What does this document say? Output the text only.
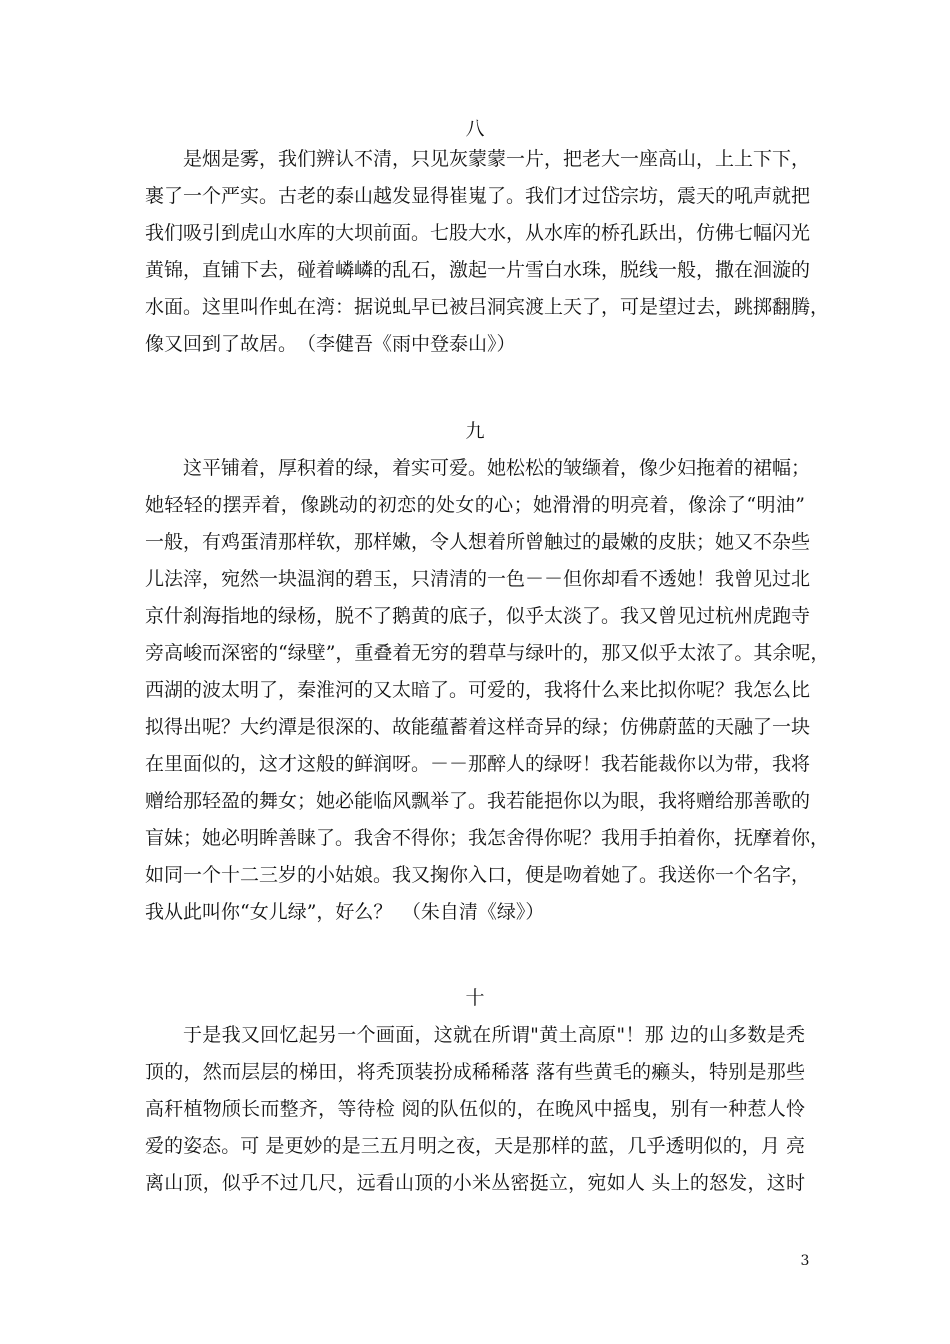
八

是烟是雾，我们辨认不清，只见灰蒙蒙一片，把老大一座高山，上上下下，

裹了一个严实。古老的泰山越发显得崔嵬了。我们才过岱宗坊，震天的吼声就把

我们吸引到虎山水库的大坝前面。七股大水，从水库的桥孔跃出，仿佛七幅闪光

黄锦，直铺下去，碰着嶙嶙的乱石，激起一片雪白水珠，脱线一般，撒在洄漩的

水面。这里叫作虬在湾：据说虬早已被吕洞宾渡上天了，可是望过去，跳掷翻腾，

像又回到了故居。　（李健吾《雨中登泰山》）

九

这平铺着，厚积着的绿，着实可爱。她松松的皱缬着，像少妇拖着的裙幅；

她轻轻的摆弄着，像跳动的初恋的处女的心；她滑滑的明亮着，像涂了“明油”

一般，有鸡蛋清那样软，那样嫩，令人想着所曾触过的最嫩的皮肤；她又不杂些

儿法滓，宛然一块温润的碧玉，只清清的一色－－但你却看不透她！我曾见过北

京什刹海指地的绿杨，脱不了鹅黄的底子，似乎太淡了。我又曾见过杭州虎跑寺

旁高峻而深密的“绿壁”，重叠着无穷的碧草与绿叶的，那又似乎太浓了。其余呢，

西湖的波太明了，秦淮河的又太暗了。可爱的，我将什么来比拟你呢？我怎么比

拟得出呢？大约潭是很深的、故能蕴蓄着这样奇异的绿；仿佛蔚蓝的天融了一块

在里面似的，这才这般的鲜润呀。－－那醉人的绿呀！我若能裁你以为带，我将

赠给那轻盈的舞女；她必能临风飘举了。我若能挹你以为眼，我将赠给那善歌的

盲妹；她必明眸善睐了。我舍不得你；我怎舍得你呢？我用手拍着你，抚摩着你，

如同一个十二三岁的小姑娘。我又掬你入口，便是吻着她了。我送你一个名字，

我从此叫你“女儿绿”，好么？　（朱自清《绿》）

十

于是我又回忆起另一个画面，这就在所谓"黄土高原"！那 边的山多数是秃

顶的，然而层层的梯田，将秃顶装扮成稀稀落 落有些黄毛的癞头，特别是那些

高秆植物颀长而整齐，等待检 阅的队伍似的，在晚风中摇曳，别有一种惹人怜

爱的姿态。可 是更妙的是三五月明之夜，天是那样的蓝，几乎透明似的，月 亮

离山顶，似乎不过几尺，远看山顶的小米丛密挺立，宛如人 头上的怒发，这时

3
